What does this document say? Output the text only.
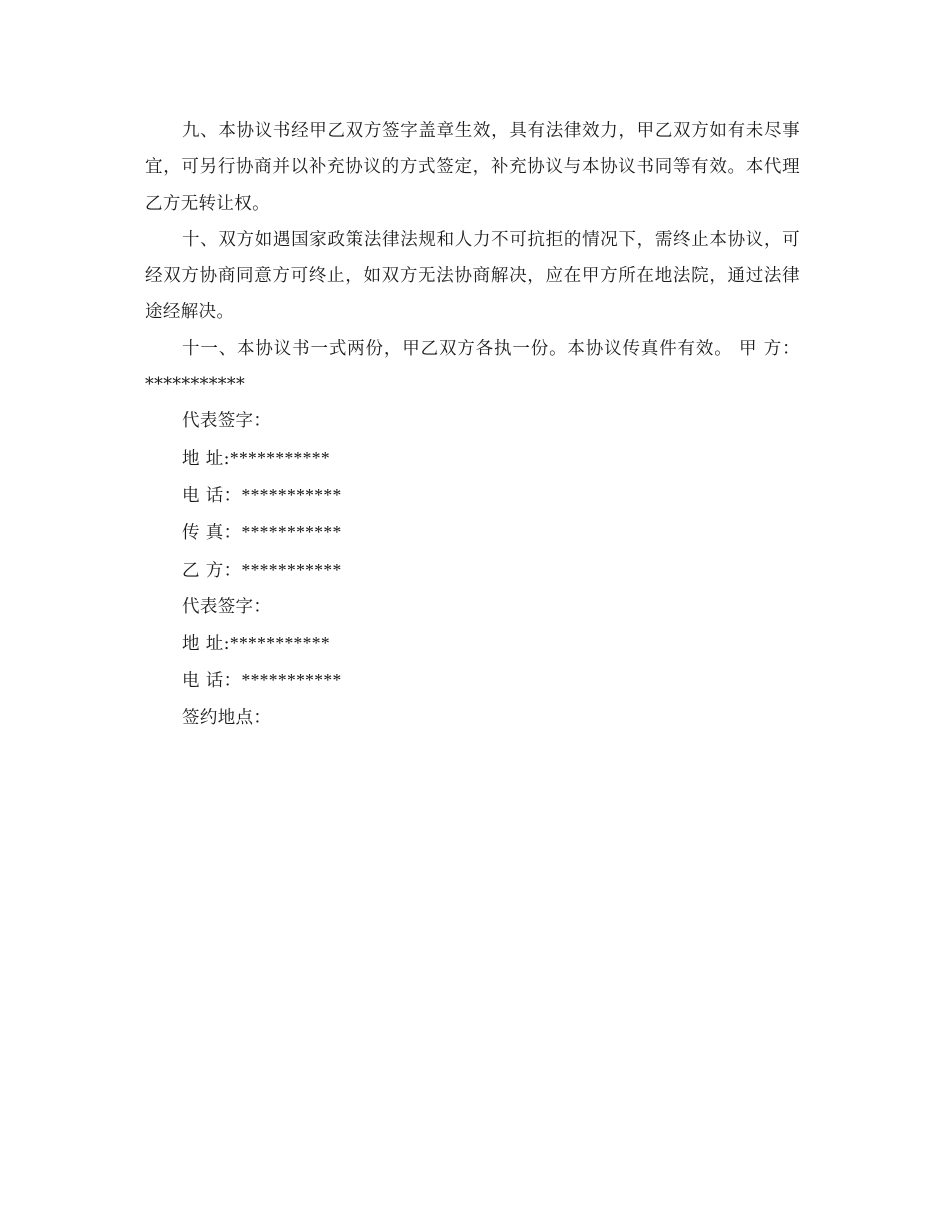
九、本协议书经甲乙双方签字盖章生效，具有法律效力，甲乙双方如有未尽事宜，可另行协商并以补充协议的方式签定，补充协议与本协议书同等有效。本代理乙方无转让权。

十、双方如遇国家政策法律法规和人力不可抗拒的情况下，需终止本协议，可经双方协商同意方可终止，如双方无法协商解决，应在甲方所在地法院，通过法律途经解决。

十一、本协议书一式两份，甲乙双方各执一份。本协议传真件有效。 甲 方：***********

代表签字：

地 址:***********

电 话：***********

传 真：***********

乙 方：***********

代表签字：

地 址:***********

电 话：***********

签约地点：
